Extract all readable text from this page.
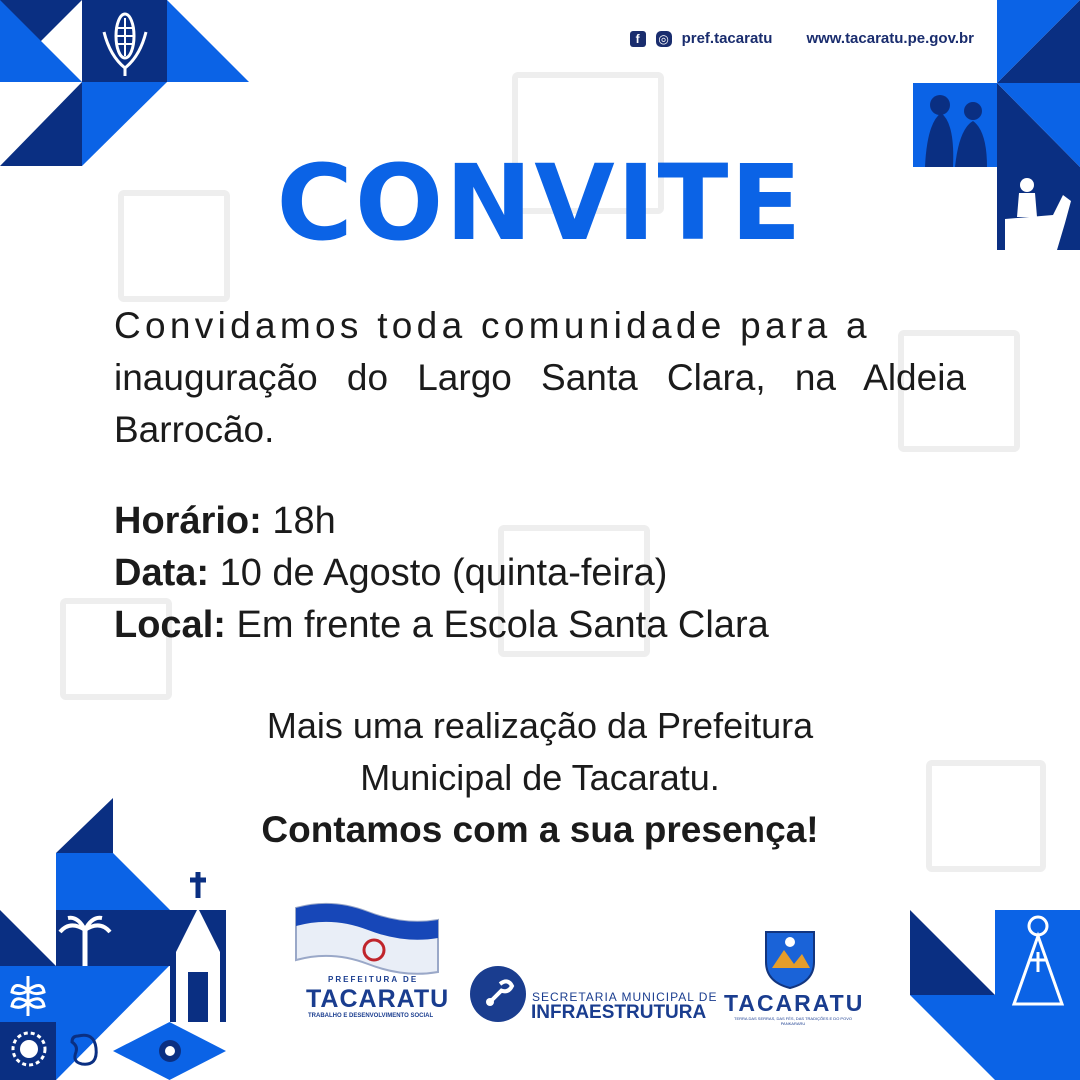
f	◎ pref.tacaratu www.tacaratu.pe.gov.br
CONVITE
Convidamos toda comunidade para a
inauguração do Largo Santa Clara, na Aldeia
Barrocão.
Horário: 18h
Data: 10 de Agosto (quinta-feira)
Local: Em frente a Escola Santa Clara
Mais uma realização da Prefeitura
Municipal de Tacaratu.
Contamos com a sua presença!
PREFEITURA DE
TACARATU
TRABALHO E DESENVOLVIMENTO SOCIAL
SECRETARIA MUNICIPAL DE
INFRAESTRUTURA TACARATU
TERRA DAS SERRAS, DAS FÉS, DAS TRADIÇÕES E DO POVO PANKARARU
